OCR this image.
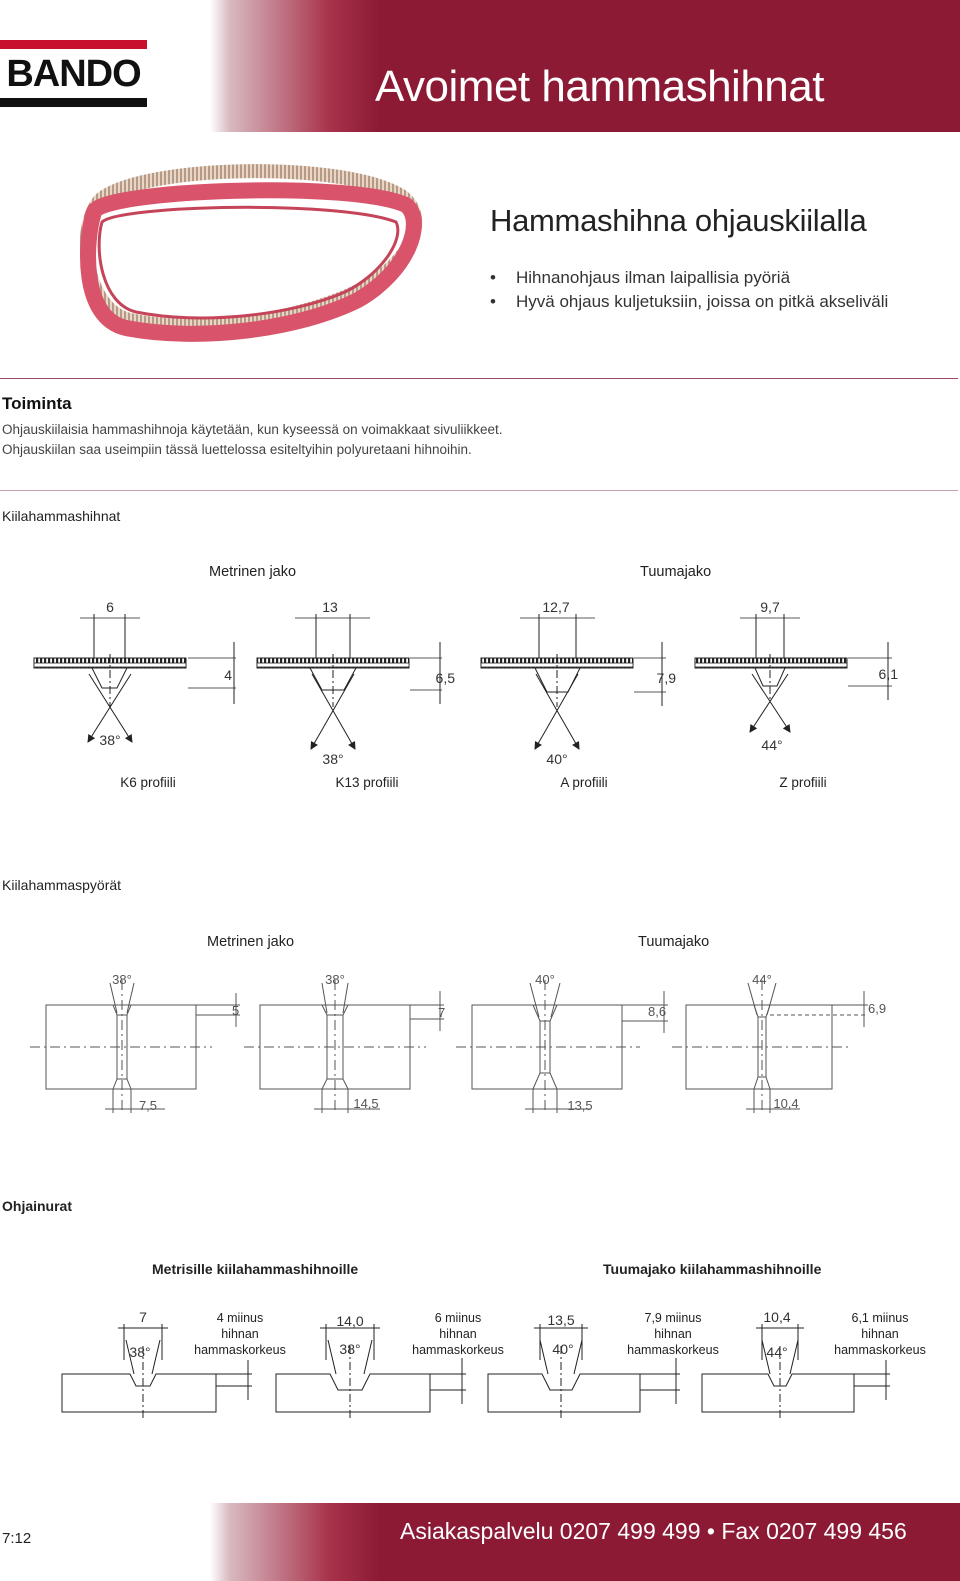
BANDO	Avoimet hammashihnat
Hammashihna ohjauskiilalla
• Hihnanohjaus ilman laipallisia pyöriä
• Hyvä ohjaus kuljetuksiin, joissa on pitkä akseliväli
Toiminta
Ohjauskiilaisia hammashihnoja käytetään, kun kyseessä on voimakkaat sivuliikkeet.
Ohjauskiilan saa useimpiin tässä luettelossa esiteltyihin polyuretaani hihnoihin.
Kiilahammashihnat
Metrinen jako	Tuumajako
6	13	12,7	9,7
4	6,5	7,9	6,1
38°
38°	40°
44°
K6 profiili	K13 profiili	A profiili	Z profiili
Kiilahammaspyörät
Metrinen jako	Tuumajako
38°	38°	40°	44°
5	7	8,6	6,9
7,5	14,5	13,5	10,4
Ohjainurat
Metrisille kiilahammashihnoille	Tuumajako kiilahammashihnoille
7	14,0	13,5	10,4
38°	38°	40°	44°
4 miinus
hihnan
hammaskorkeus
6 miinus
hihnan
hammaskorkeus
7,9 miinus
hihnan
hammaskorkeus
6,1 miinus
hihnan
hammaskorkeus
7:12	Asiakaspalvelu 0207 499 499 • Fax 0207 499 456
